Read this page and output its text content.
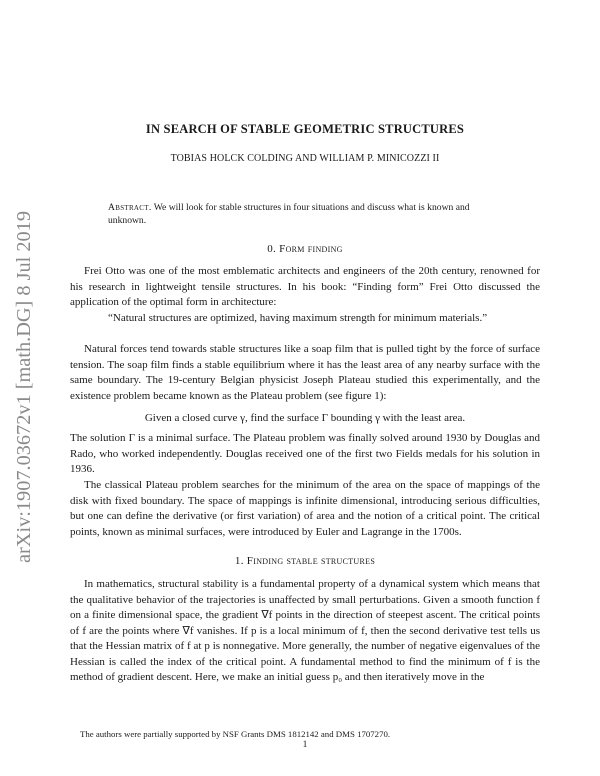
arXiv:1907.03672v1 [math.DG] 8 Jul 2019
IN SEARCH OF STABLE GEOMETRIC STRUCTURES
TOBIAS HOLCK COLDING AND WILLIAM P. MINICOZZI II
Abstract. We will look for stable structures in four situations and discuss what is known and unknown.
0. Form finding
Frei Otto was one of the most emblematic architects and engineers of the 20th century, renowned for his research in lightweight tensile structures. In his book: “Finding form” Frei Otto discussed the application of the optimal form in architecture:
“Natural structures are optimized, having maximum strength for minimum materials.”
Natural forces tend towards stable structures like a soap film that is pulled tight by the force of surface tension. The soap film finds a stable equilibrium where it has the least area of any nearby surface with the same boundary. The 19-century Belgian physicist Joseph Plateau studied this experimentally, and the existence problem became known as the Plateau problem (see figure 1):
Given a closed curve γ, find the surface Γ bounding γ with the least area.
The solution Γ is a minimal surface. The Plateau problem was finally solved around 1930 by Douglas and Rado, who worked independently. Douglas received one of the first two Fields medals for his solution in 1936.
The classical Plateau problem searches for the minimum of the area on the space of mappings of the disk with fixed boundary. The space of mappings is infinite dimensional, introducing serious difficulties, but one can define the derivative (or first variation) of area and the notion of a critical point. The critical points, known as minimal surfaces, were introduced by Euler and Lagrange in the 1700s.
1. Finding stable structures
In mathematics, structural stability is a fundamental property of a dynamical system which means that the qualitative behavior of the trajectories is unaffected by small perturbations. Given a smooth function f on a finite dimensional space, the gradient ∇f points in the direction of steepest ascent. The critical points of f are the points where ∇f vanishes. If p is a local minimum of f, then the second derivative test tells us that the Hessian matrix of f at p is nonnegative. More generally, the number of negative eigenvalues of the Hessian is called the index of the critical point. A fundamental method to find the minimum of f is the method of gradient descent. Here, we make an initial guess p₀ and then iteratively move in the
The authors were partially supported by NSF Grants DMS 1812142 and DMS 1707270.
1
